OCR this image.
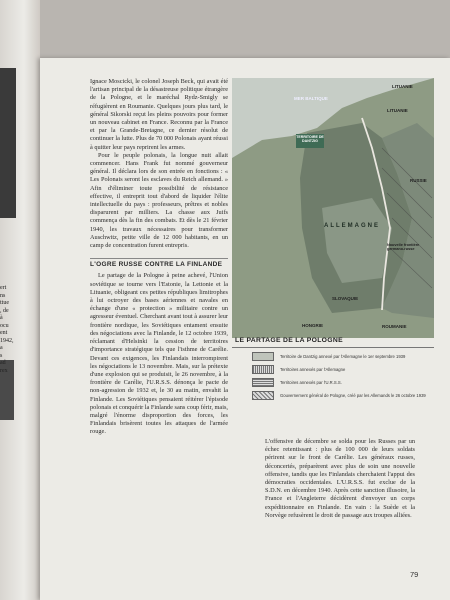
ert
ns
ttue
, de
à
ocu
ent
1942,
a
s
ad
rex

Ignace Moscicki, le colonel Joseph Beck, qui avait été l'artisan principal de la désastreuse politique étrangère de la Pologne, et le maréchal Rydz-Smigly se réfugièrent en Roumanie. Quelques jours plus tard, le général Sikorski reçut les pleins pouvoirs pour former un nouveau cabinet en France. Reconnu par la France et par la Grande-Bretagne, ce dernier résolut de continuer la lutte. Plus de 70 000 Polonais ayant réussi à quitter leur pays reprirent les armes.

Pour le peuple polonais, la longue nuit allait commencer. Hans Frank fut nommé gouverneur général. Il déclara lors de son entrée en fonctions : « Les Polonais seront les esclaves du Reich allemand. » Afin d'éliminer toute possibilité de résistance effective, il entreprit tout d'abord de liquider l'élite intellectuelle du pays : professeurs, prêtres et nobles disparurent par milliers. La chasse aux Juifs commença dès la fin des combats. Et dès le 21 février 1940, les travaux nécessaires pour transformer Auschwitz, petite ville de 12 000 habitants, en un camp de concentration furent entrepris.

L'OGRE RUSSE CONTRE LA FINLANDE

Le partage de la Pologne à peine achevé, l'Union soviétique se tourne vers l'Estonie, la Lettonie et la Lituanie, obligeant ces petites républiques limitrophes à lui octroyer des bases aériennes et navales en échange d'une « protection » militaire contre un agresseur éventuel. Cherchant avant tout à assurer leur frontière nordique, les Soviétiques entament ensuite des négociations avec la Finlande, le 12 octobre 1939, réclamant d'Helsinki la cession de territoires d'importance stratégique tels que l'isthme de Carélie. Devant ces exigences, les Finlandais interrompirent les négociations le 13 novembre. Mais, sur la prétexte d'une explosion qui se produisit, le 26 novembre, à la frontière de Carélie, l'U.R.S.S. dénonça le pacte de non-agression de 1932 et, le 30 au matin, envahit la Finlande. Les Soviétiques pensaient réitérer l'épisode polonais et conquérir la Finlande sans coup férir, mais, malgré l'énorme disproportion des forces, les Finlandais brisèrent toutes les attaques de l'armée rouge.

MER BALTIQUE
LITUANIE
LITUANIE
TERRITOIRE DE DANTZIG
ALLEMAGNE
Nouvelle frontière germano-russe
RUSSIE
SLOVAQUIE
HONGRIE	ROUMANIE
LE PARTAGE DE LA POLOGNE
Territoire de Dantzig annexé par l'Allemagne le 1er septembre 1939
Territoires annexés par l'Allemagne
Territoires annexés par l'U.R.S.S.
Gouvernement général de Pologne, créé par les Allemands le 26 octobre 1939

L'offensive de décembre se solda pour les Russes par un échec retentissant : plus de 100 000 de leurs soldats périrent sur le front de Carélie. Les généraux russes, déconcertés, préparèrent avec plus de soin une nouvelle offensive, tandis que les Finlandais cherchaient l'appui des démocraties occidentales. L'U.R.S.S. fut exclue de la S.D.N. en décembre 1940. Après cette sanction illusoire, la France et l'Angleterre décidèrent d'envoyer un corps expéditionnaire en Finlande. En vain : la Suède et la Norvège refusèrent le droit de passage aux troupes alliées.

79
